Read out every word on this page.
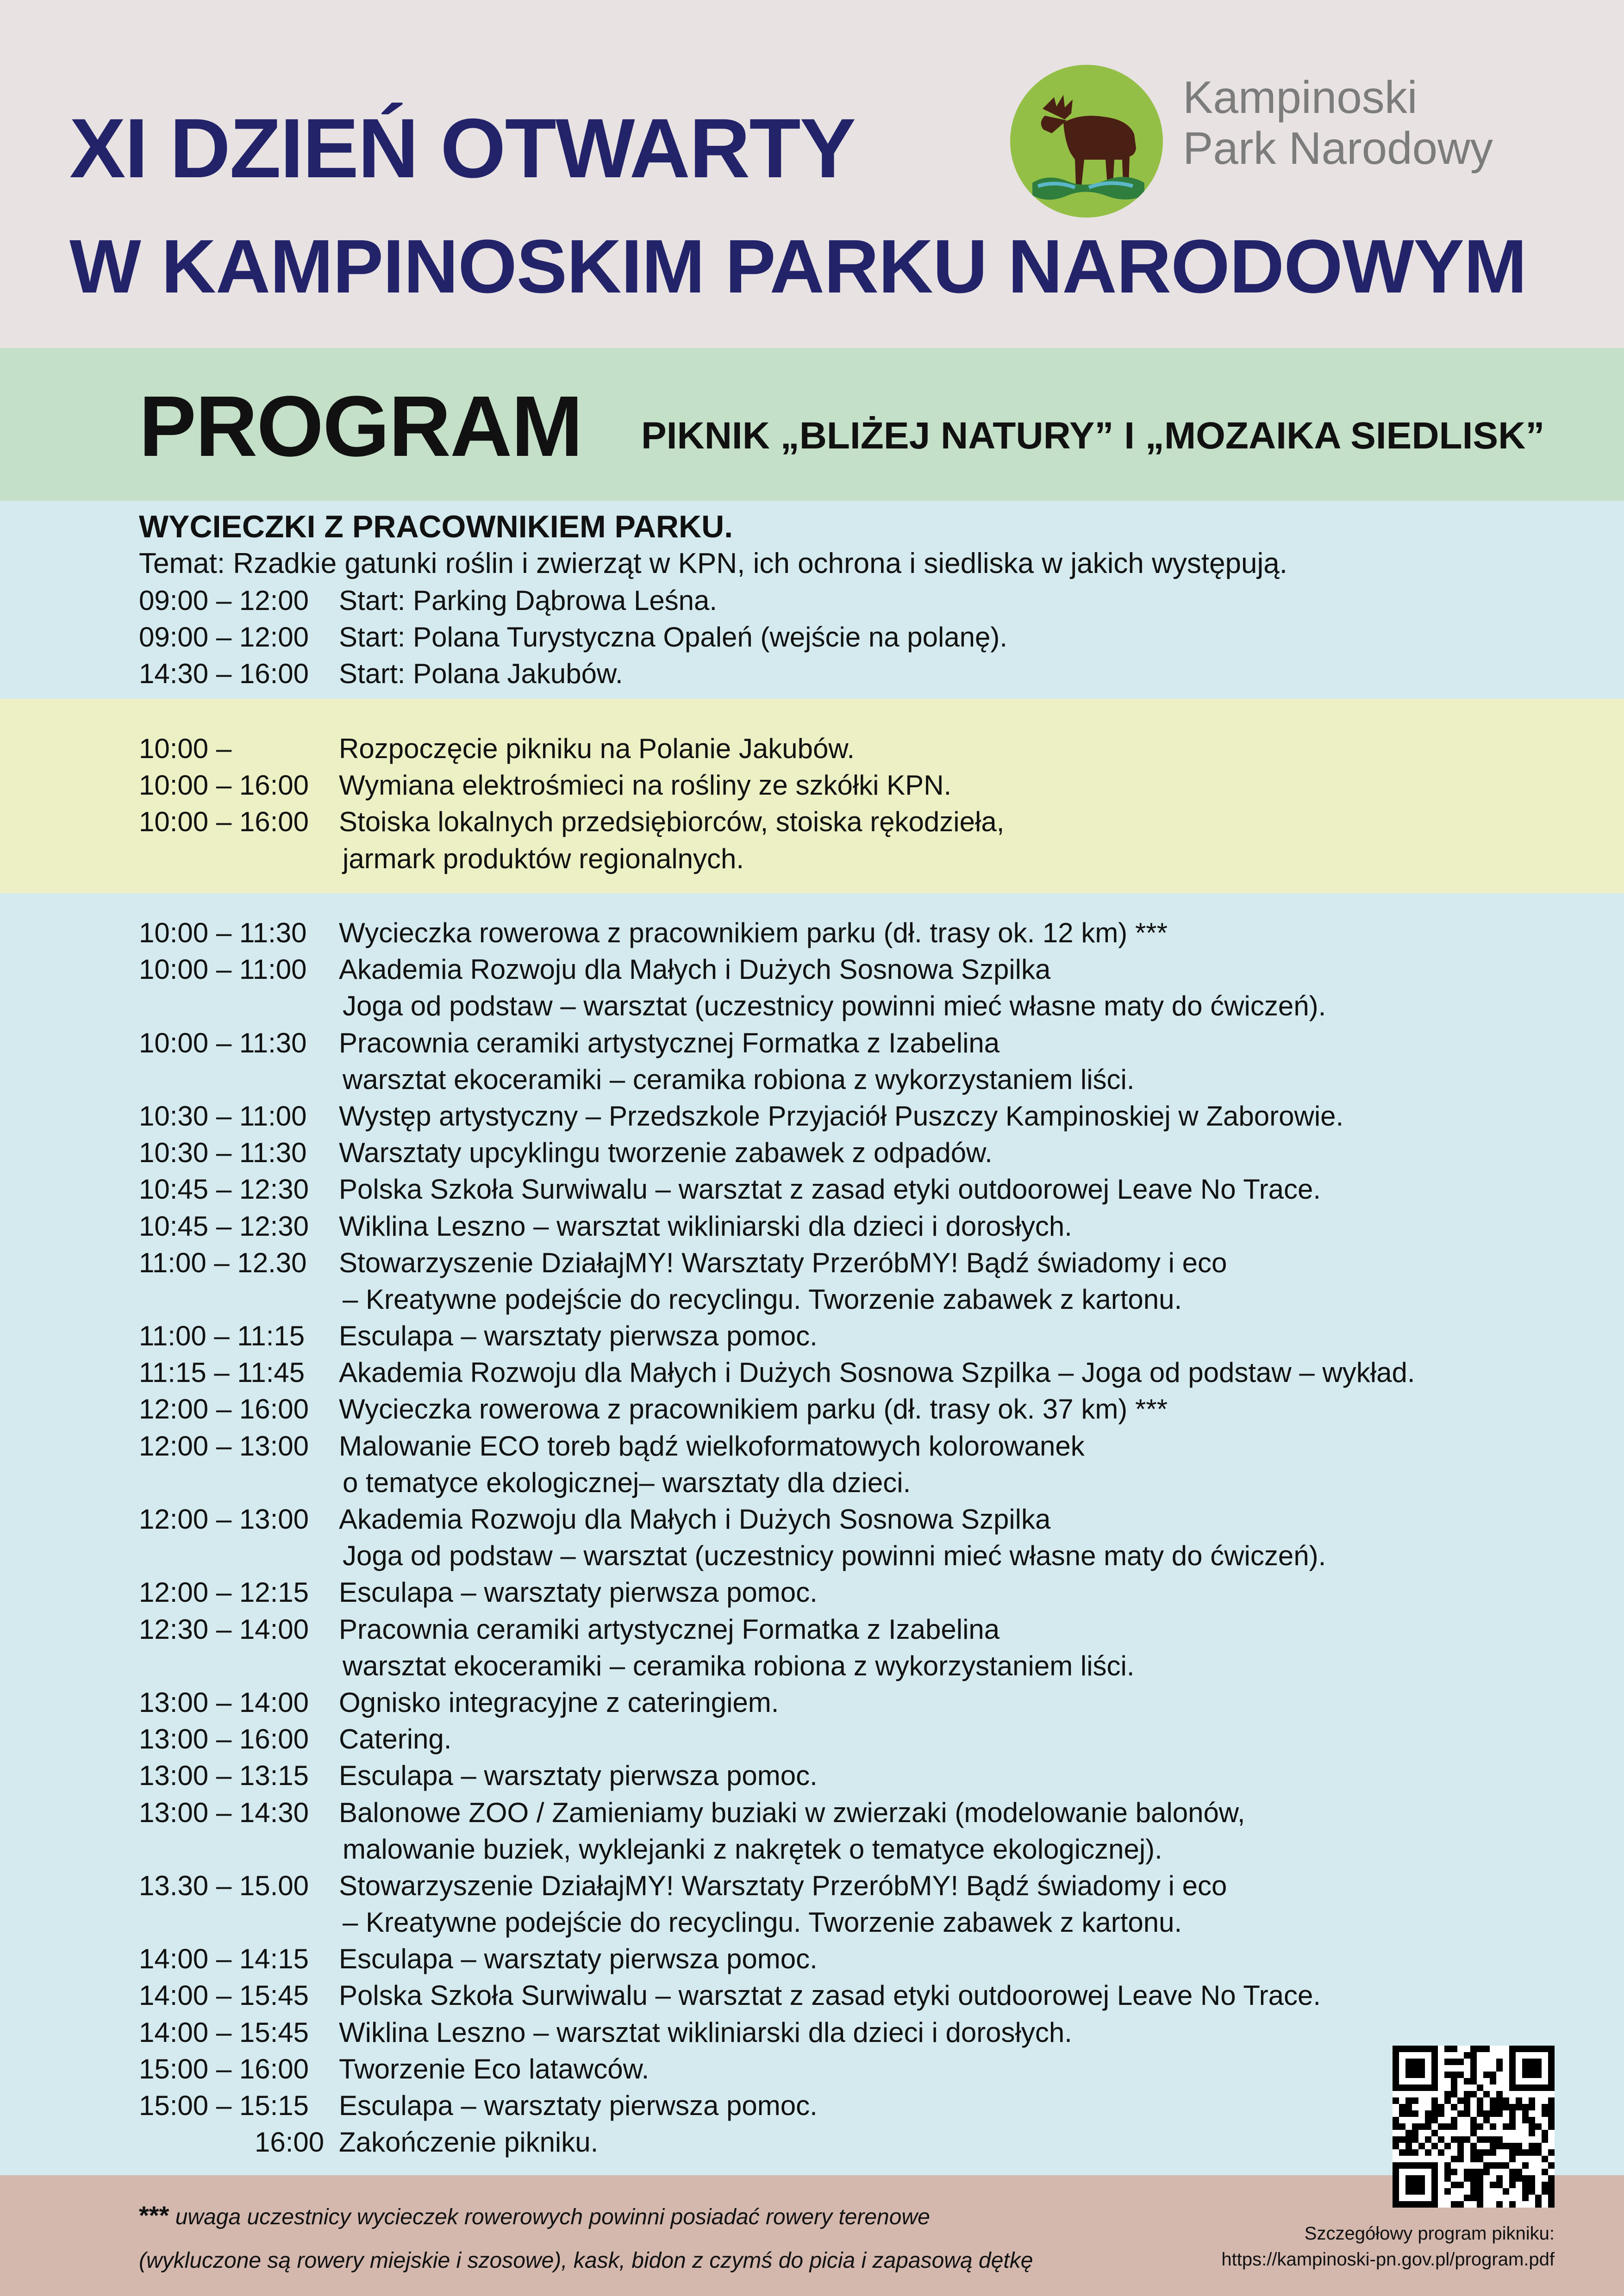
XI DZIEŃ OTWARTY
W KAMPINOSKIM PARKU NARODOWYM
Kampinoski
Park Narodowy
PROGRAM PIKNIK „BLIŻEJ NATURY” I „MOZAIKA SIEDLISK”
WYCIECZKI Z PRACOWNIKIEM PARKU.
Temat: Rzadkie gatunki roślin i zwierząt w KPN, ich ochrona i siedliska w jakich występują.
09:00 – 12:00 Start: Parking Dąbrowa Leśna.
09:00 – 12:00 Start: Polana Turystyczna Opaleń (wejście na polanę).
14:30 – 16:00 Start: Polana Jakubów.
10:00 –	Rozpoczęcie pikniku na Polanie Jakubów.
10:00 – 16:00 Wymiana elektrośmieci na rośliny ze szkółki KPN.
10:00 – 16:00 Stoiska lokalnych przedsiębiorców, stoiska rękodzieła,
jarmark produktów regionalnych.
10:00 – 11:30 Wycieczka rowerowa z pracownikiem parku (dł. trasy ok. 12 km) ***
10:00 – 11:00 Akademia Rozwoju dla Małych i Dużych Sosnowa Szpilka
Joga od podstaw – warsztat (uczestnicy powinni mieć własne maty do ćwiczeń).
10:00 – 11:30 Pracownia ceramiki artystycznej Formatka z Izabelina
warsztat ekoceramiki – ceramika robiona z wykorzystaniem liści.
10:30 – 11:00 Występ artystyczny – Przedszkole Przyjaciół Puszczy Kampinoskiej w Zaborowie.
10:30 – 11:30 Warsztaty upcyklingu tworzenie zabawek z odpadów.
10:45 – 12:30 Polska Szkoła Surwiwalu – warsztat z zasad etyki outdoorowej Leave No Trace.
10:45 – 12:30 Wiklina Leszno – warsztat wikliniarski dla dzieci i dorosłych.
11:00 – 12.30 Stowarzyszenie DziałajMY! Warsztaty PrzeróbMY! Bądź świadomy i eco
– Kreatywne podejście do recyclingu. Tworzenie zabawek z kartonu.
11:00 – 11:15 Esculapa – warsztaty pierwsza pomoc.
11:15 – 11:45 Akademia Rozwoju dla Małych i Dużych Sosnowa Szpilka – Joga od podstaw – wykład.
12:00 – 16:00 Wycieczka rowerowa z pracownikiem parku (dł. trasy ok. 37 km) ***
12:00 – 13:00 Malowanie ECO toreb bądź wielkoformatowych kolorowanek
o tematyce ekologicznej– warsztaty dla dzieci.
12:00 – 13:00 Akademia Rozwoju dla Małych i Dużych Sosnowa Szpilka
Joga od podstaw – warsztat (uczestnicy powinni mieć własne maty do ćwiczeń).
12:00 – 12:15 Esculapa – warsztaty pierwsza pomoc.
12:30 – 14:00 Pracownia ceramiki artystycznej Formatka z Izabelina
warsztat ekoceramiki – ceramika robiona z wykorzystaniem liści.
13:00 – 14:00 Ognisko integracyjne z cateringiem.
13:00 – 16:00 Catering.
13:00 – 13:15 Esculapa – warsztaty pierwsza pomoc.
13:00 – 14:30 Balonowe ZOO / Zamieniamy buziaki w zwierzaki (modelowanie balonów,
malowanie buziek, wyklejanki z nakrętek o tematyce ekologicznej).
13.30 – 15.00 Stowarzyszenie DziałajMY! Warsztaty PrzeróbMY! Bądź świadomy i eco
– Kreatywne podejście do recyclingu. Tworzenie zabawek z kartonu.
14:00 – 14:15 Esculapa – warsztaty pierwsza pomoc.
14:00 – 15:45 Polska Szkoła Surwiwalu – warsztat z zasad etyki outdoorowej Leave No Trace.
14:00 – 15:45 Wiklina Leszno – warsztat wikliniarski dla dzieci i dorosłych.
15:00 – 16:00 Tworzenie Eco latawców.
15:00 – 15:15 Esculapa – warsztaty pierwsza pomoc.
16:00 Zakończenie pikniku.
*** uwaga uczestnicy wycieczek rowerowych powinni posiadać rowery terenowe
(wykluczone są rowery miejskie i szosowe), kask, bidon z czymś do picia i zapasową dętkę
Szczegółowy program pikniku:
https://kampinoski-pn.gov.pl/program.pdf
